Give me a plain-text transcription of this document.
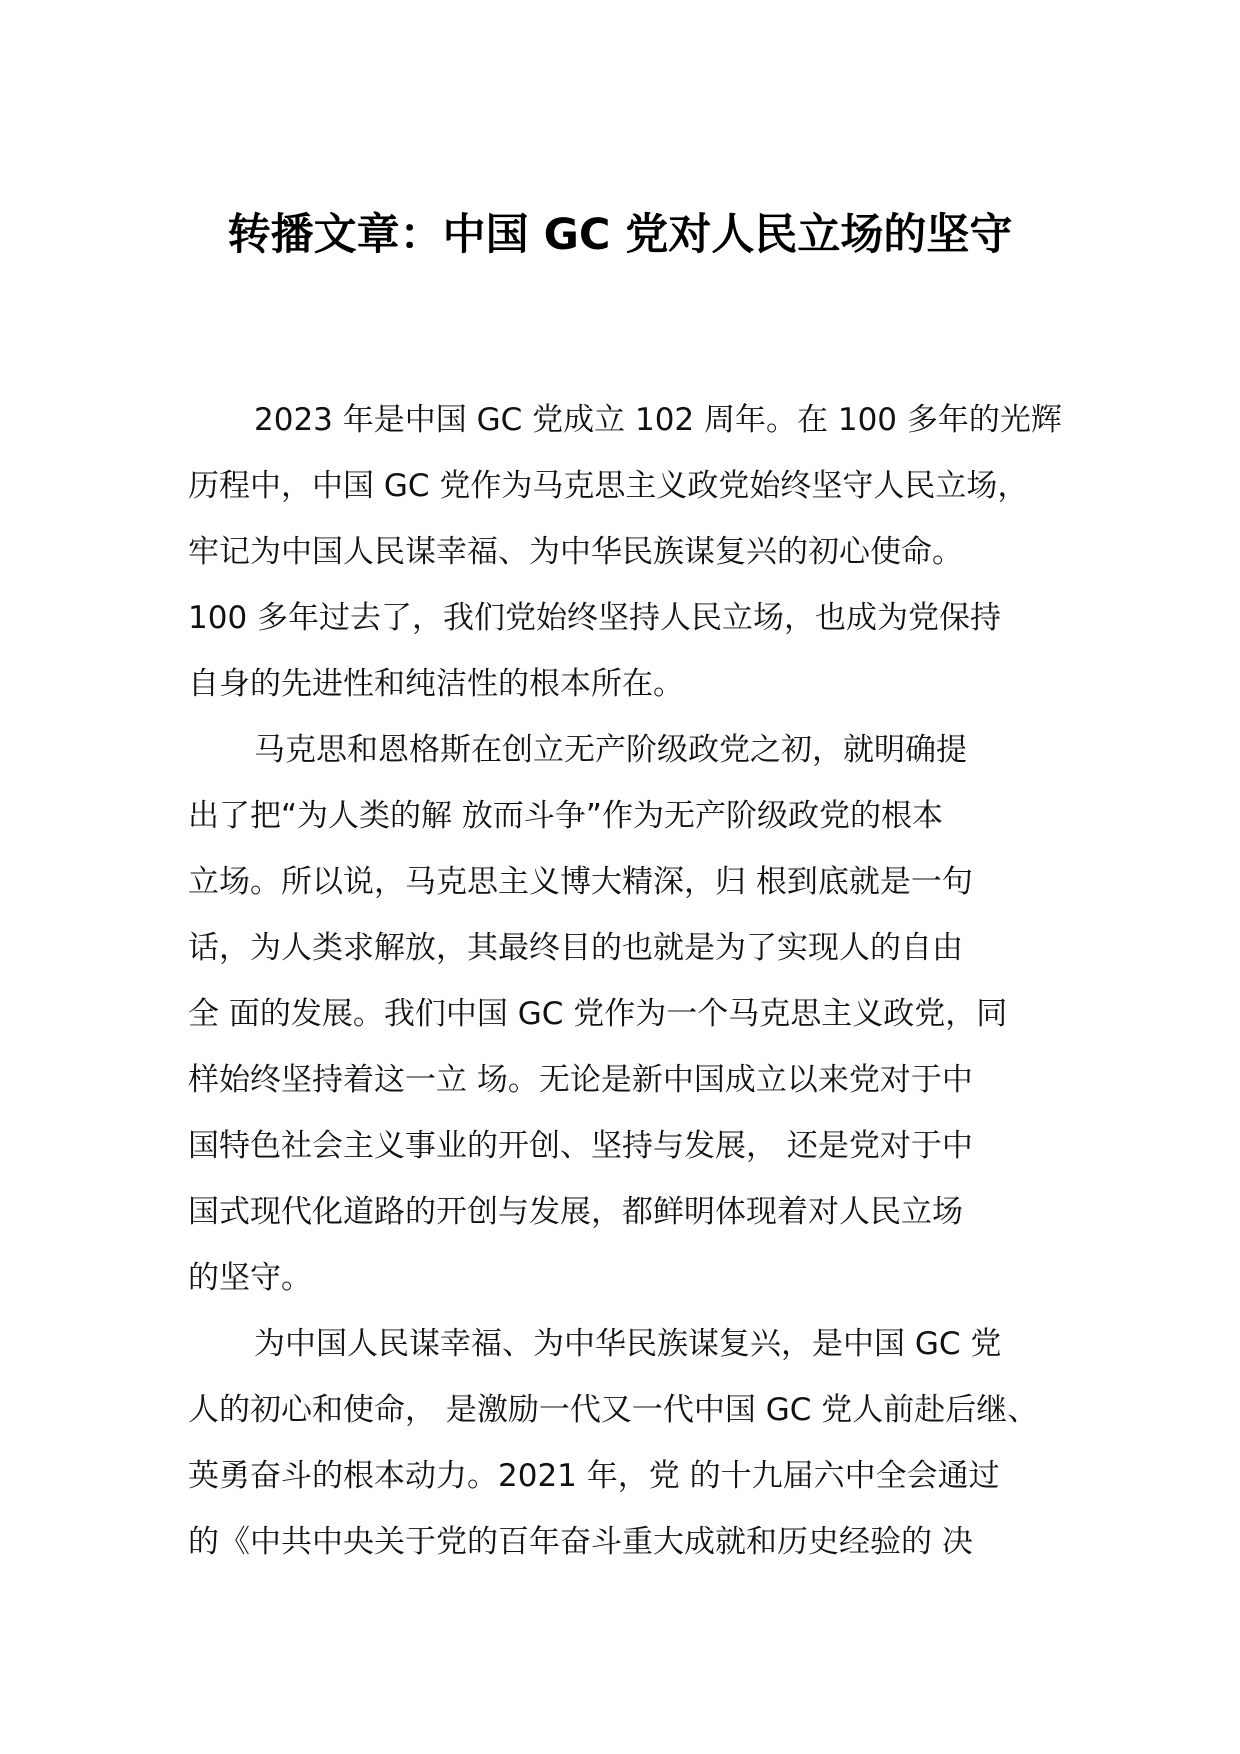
转播文章：中国 GC 党对人民立场的坚守

2023 年是中国 GC 党成立 102 周年。在 100 多年的光辉
历程中，中国 GC 党作为马克思主义政党始终坚守人民立场，
牢记为中国人民谋幸福、为中华民族谋复兴的初心使命。
100 多年过去了，我们党始终坚持人民立场，也成为党保持
自身的先进性和纯洁性的根本所在。

马克思和恩格斯在创立无产阶级政党之初，就明确提
出了把“为人类的解 放而斗争”作为无产阶级政党的根本
立场。所以说，马克思主义博大精深，归 根到底就是一句
话，为人类求解放，其最终目的也就是为了实现人的自由
全 面的发展。我们中国 GC 党作为一个马克思主义政党，同
样始终坚持着这一立 场。无论是新中国成立以来党对于中
国特色社会主义事业的开创、坚持与发展， 还是党对于中
国式现代化道路的开创与发展，都鲜明体现着对人民立场
的坚守。

为中国人民谋幸福、为中华民族谋复兴，是中国 GC 党
人的初心和使命， 是激励一代又一代中国 GC 党人前赴后继、
英勇奋斗的根本动力。2021 年，党 的十九届六中全会通过
的《中共中央关于党的百年奋斗重大成就和历史经验的 决
